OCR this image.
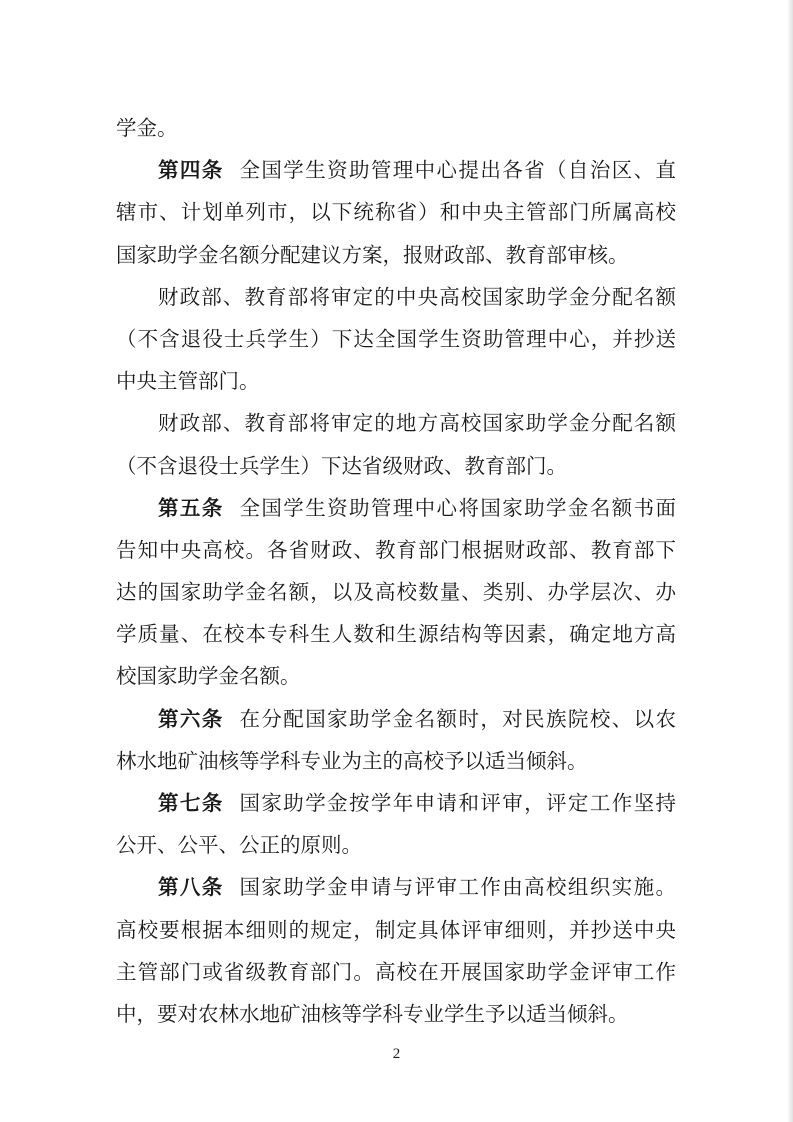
学金。
第四条 全国学生资助管理中心提出各省（自治区、直
辖市、计划单列市，以下统称省）和中央主管部门所属高校
国家助学金名额分配建议方案，报财政部、教育部审核。
财政部、教育部将审定的中央高校国家助学金分配名额
（不含退役士兵学生）下达全国学生资助管理中心，并抄送
中央主管部门。
财政部、教育部将审定的地方高校国家助学金分配名额
（不含退役士兵学生）下达省级财政、教育部门。
第五条 全国学生资助管理中心将国家助学金名额书面
告知中央高校。各省财政、教育部门根据财政部、教育部下
达的国家助学金名额，以及高校数量、类别、办学层次、办
学质量、在校本专科生人数和生源结构等因素，确定地方高
校国家助学金名额。
第六条 在分配国家助学金名额时，对民族院校、以农
林水地矿油核等学科专业为主的高校予以适当倾斜。
第七条 国家助学金按学年申请和评审，评定工作坚持
公开、公平、公正的原则。
第八条 国家助学金申请与评审工作由高校组织实施。
高校要根据本细则的规定，制定具体评审细则，并抄送中央
主管部门或省级教育部门。高校在开展国家助学金评审工作
中，要对农林水地矿油核等学科专业学生予以适当倾斜。
2
